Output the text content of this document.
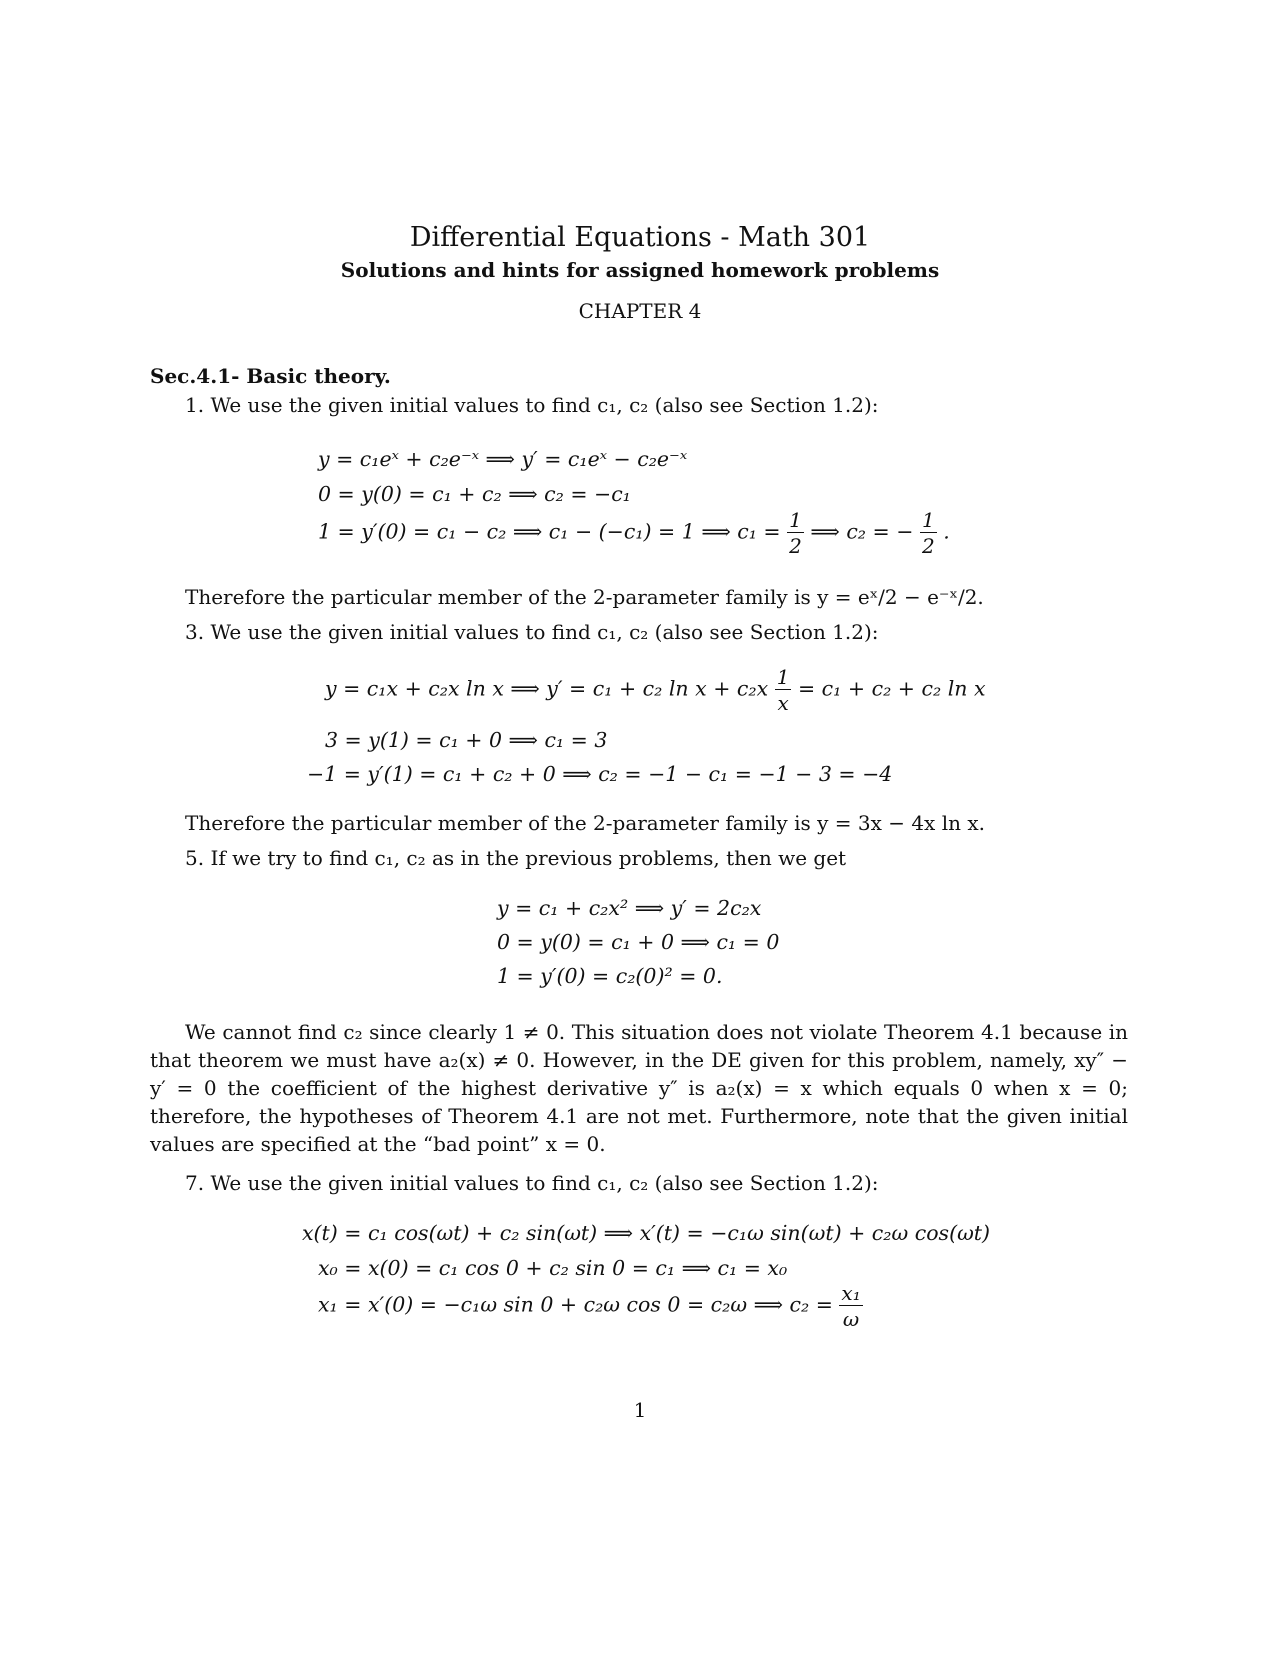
Differential Equations - Math 301
Solutions and hints for assigned homework problems
CHAPTER 4
Sec.4.1- Basic theory.
1. We use the given initial values to find c₁, c₂ (also see Section 1.2):
y = c₁eˣ + c₂e⁻ˣ ⟹ y′ = c₁eˣ − c₂e⁻ˣ
0 = y(0) = c₁ + c₂ ⟹ c₂ = −c₁
1 = y′(0) = c₁ − c₂ ⟹ c₁ − (−c₁) = 1 ⟹ $c_1 = \frac{1}{2}$ ⟹ c₂ = − $\frac{1}{2}$ .
Therefore the particular member of the 2-parameter family is y = eˣ/2 − e⁻ˣ/2.
3. We use the given initial values to find c₁, c₂ (also see Section 1.2):
y = c₁x + c₂x ln x ⟹ y′ = c₁ + c₂ $\ln x + c_2x \frac{1}{x} = c_1 + c_2 + c_2$ ln x
3 = y(1) = c₁ + 0 ⟹ c₁ = 3
−1 = y′(1) = c₁ + c₂ + 0 ⟹ c₂ = −1 − c₁ = −1 − 3 = −4
Therefore the particular member of the 2-parameter family is y = 3x − 4x ln x.
5. If we try to find c₁, c₂ as in the previous problems, then we get
y = c₁ + c₂x² ⟹ y′ = 2c₂x
0 = y(0) = c₁ + 0 ⟹ c₁ = 0
1 = y′(0) = c₂(0)² = 0.
We cannot find c₂ since clearly 1 ≠ 0. This situation does not violate Theorem 4.1 because in that theorem we must have a₂(x) ≠ 0. However, in the DE given for this problem, namely, xy″ − y′ = 0 the coefficient of the highest derivative y″ is a₂(x) = x which equals 0 when x = 0; therefore, the hypotheses of Theorem 4.1 are not met. Furthermore, note that the given initial values are specified at the “bad point” x = 0.
7. We use the given initial values to find c₁, c₂ (also see Section 1.2):
x(t) = c₁ cos(ωt) + c₂ sin(ωt) ⟹ x′(t) = −c₁ω sin(ωt) + c₂ω cos(ωt)
x₀ = x(0) = c₁ cos 0 + c₂ sin 0 = c₁ ⟹ c₁ = x₀
x₁ = x′(0) = −c₁ω sin 0 + c₂ω cos 0 = c₂ω ⟹ $c_2 = \frac{\text{x₁}}{\omega}$
1
